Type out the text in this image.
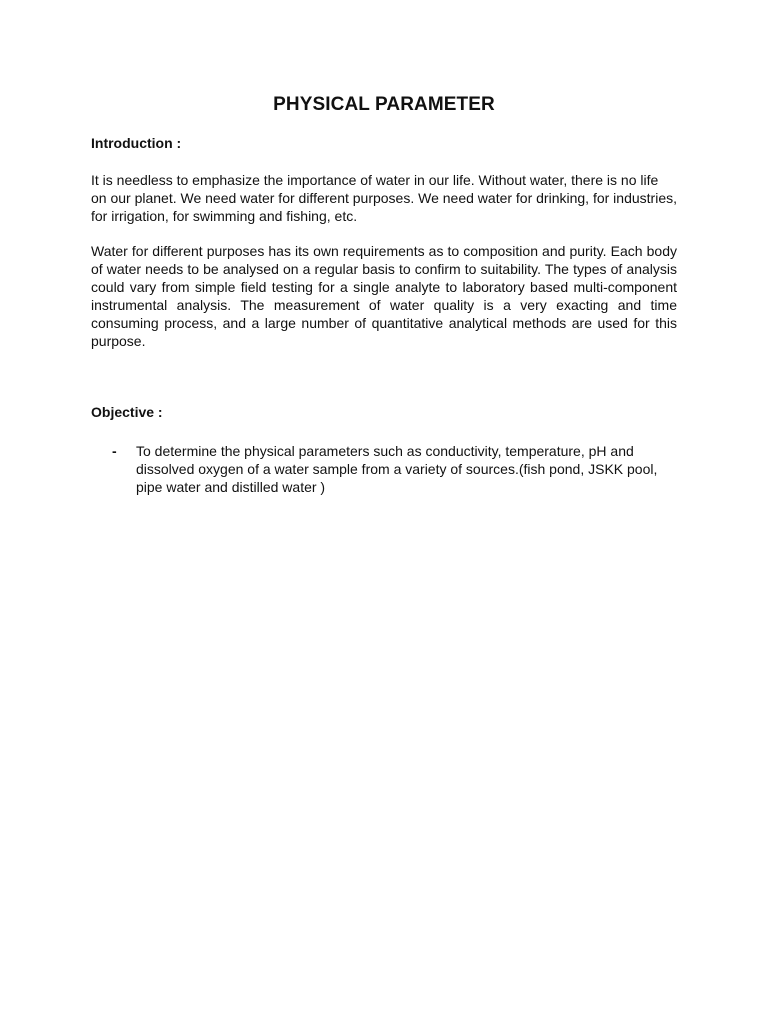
PHYSICAL PARAMETER
Introduction :

It is needless to emphasize the importance of water in our life. Without water, there is no life on our planet. We need water for different purposes. We need water for drinking, for industries, for irrigation, for swimming and fishing, etc.

Water for different purposes has its own requirements as to composition and purity. Each body of water needs to be analysed on a regular basis to confirm to suitability. The types of analysis could vary from simple field testing for a single analyte to laboratory based multi-component instrumental analysis. The measurement of water quality is a very exacting and time consuming process, and a large number of quantitative analytical methods are used for this purpose.

Objective :
- To determine the physical parameters such as conductivity, temperature, pH and dissolved oxygen of a water sample from a variety of sources.(fish pond, JSKK pool, pipe water and distilled water )
